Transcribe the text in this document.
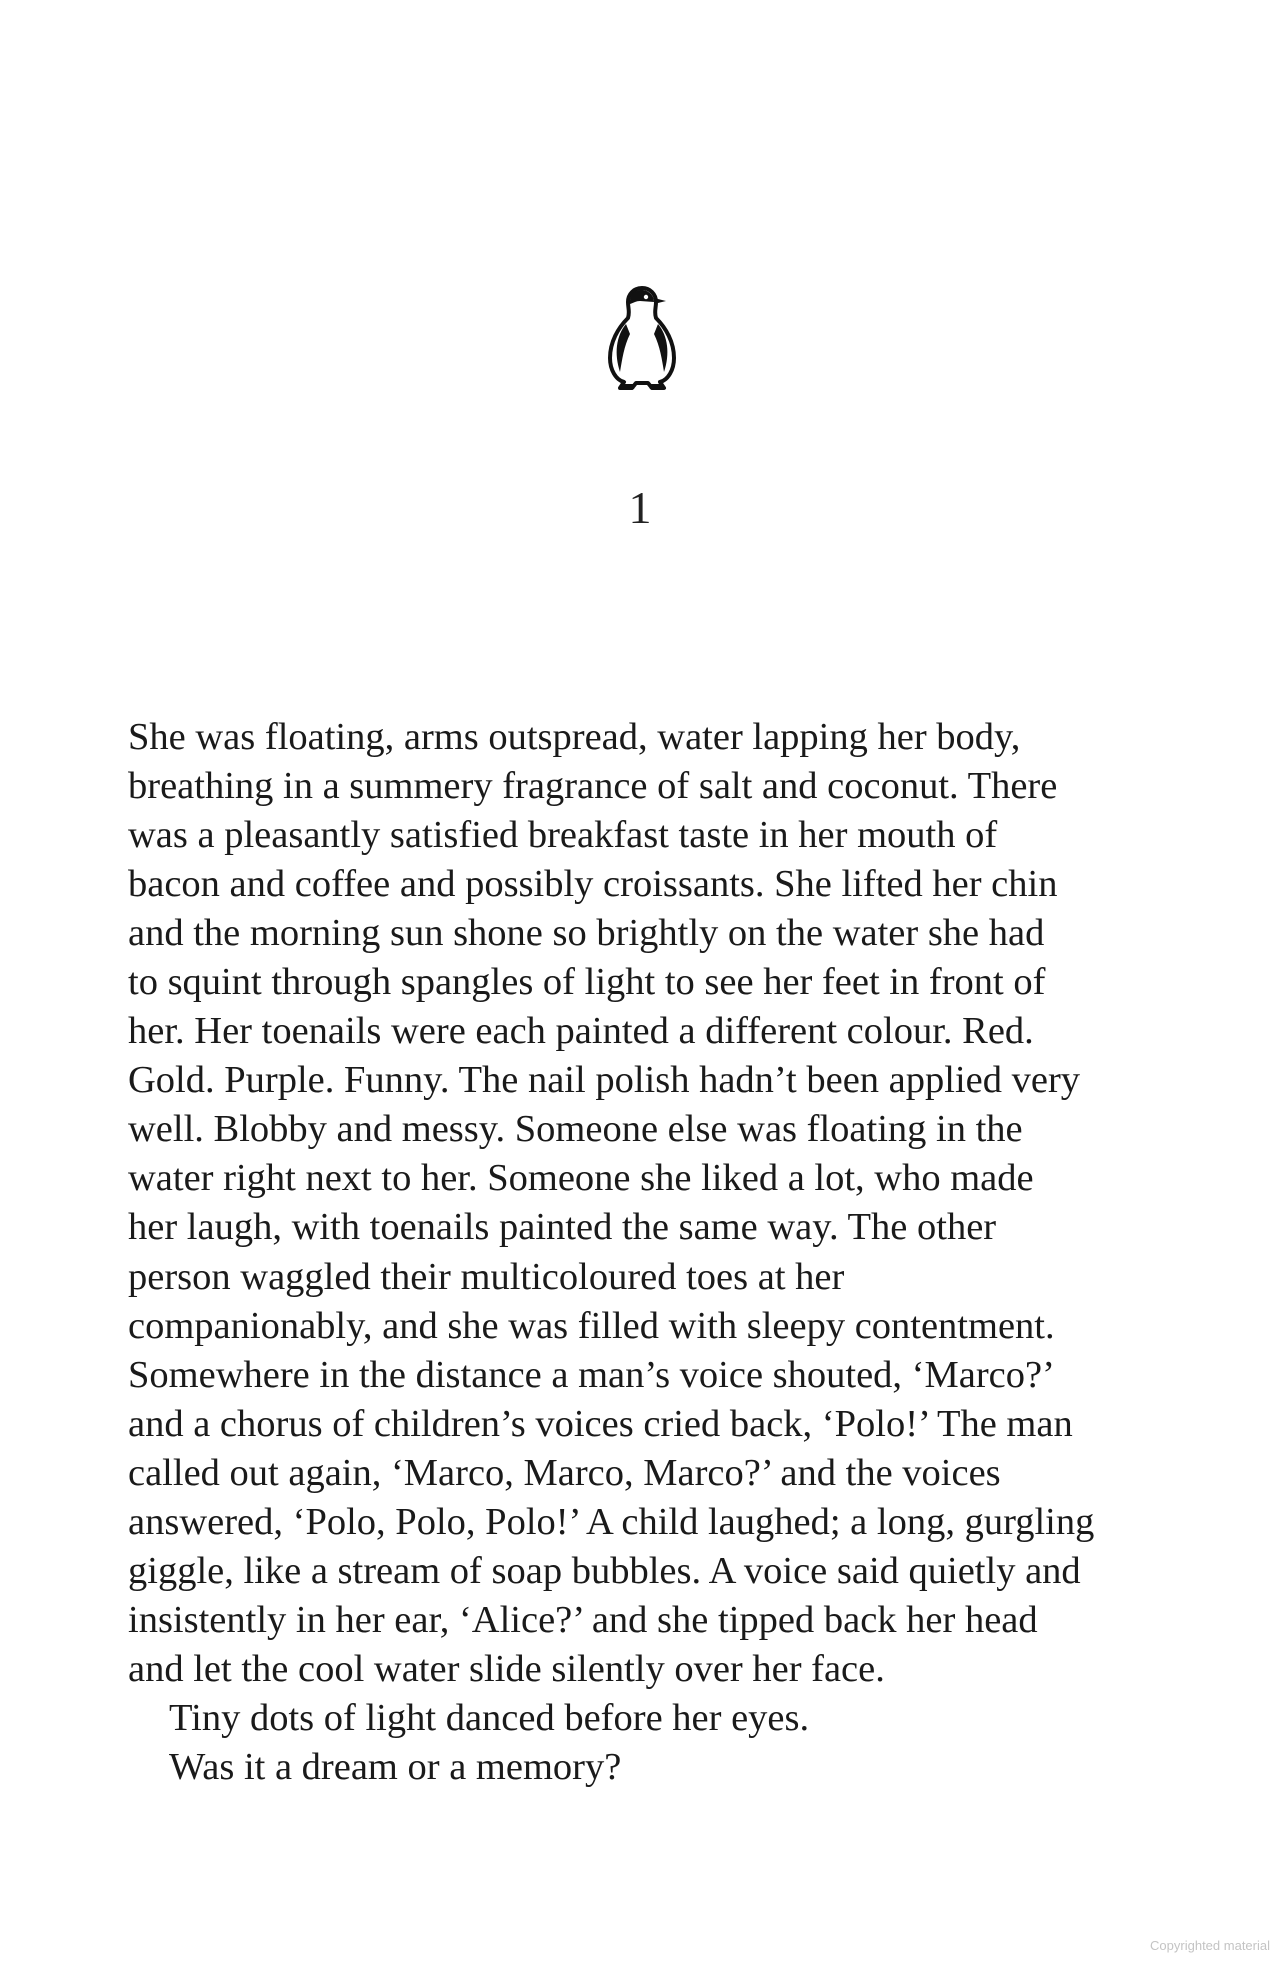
1
She was floating, arms outspread, water lapping her body,
breathing in a summery fragrance of salt and coconut. There
was a pleasantly satisfied breakfast taste in her mouth of
bacon and coffee and possibly croissants. She lifted her chin
and the morning sun shone so brightly on the water she had
to squint through spangles of light to see her feet in front of
her. Her toenails were each painted a different colour. Red.
Gold. Purple. Funny. The nail polish hadn’t been applied very
well. Blobby and messy. Someone else was floating in the
water right next to her. Someone she liked a lot, who made
her laugh, with toenails painted the same way. The other
person waggled their multicoloured toes at her
companionably, and she was filled with sleepy contentment.
Somewhere in the distance a man’s voice shouted, ‘Marco?’
and a chorus of children’s voices cried back, ‘Polo!’ The man
called out again, ‘Marco, Marco, Marco?’ and the voices
answered, ‘Polo, Polo, Polo!’ A child laughed; a long, gurgling
giggle, like a stream of soap bubbles. A voice said quietly and
insistently in her ear, ‘Alice?’ and she tipped back her head
and let the cool water slide silently over her face.
Tiny dots of light danced before her eyes.
Was it a dream or a memory?
Copyrighted material
